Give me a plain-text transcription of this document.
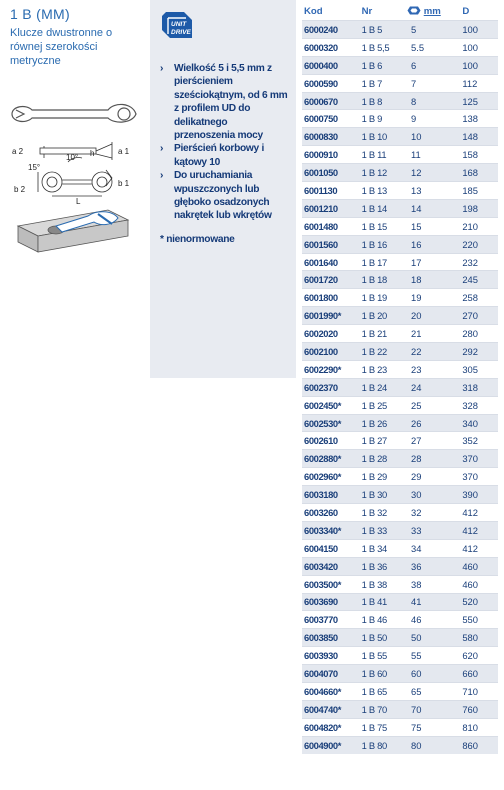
1 B (MM)
Klucze dwustronne o równej szerokości metryczne
a 2	a 1
10° h
15°
b 2
b 1
L
UNIT
DRIVE
› Wielkość 5 i 5,5 mm z pierścieniem sześciokątnym, od 6 mm z profilem UD do delikatnego przenoszenia mocy
› Pierścień korbowy i kątowy 10
› Do uruchamiania wpuszczonych lub głęboko osadzonych nakrętek lub wkrętów
* nienormowane
Kod	Nr	mm	D
6000240	1 B 5	5	100
6000320	1 B 5,5	5.5	100
6000400	1 B 6	6	100
6000590	1 B 7	7	112
6000670	1 B 8	8	125
6000750	1 B 9	9	138
6000830	1 B 10	10	148
6000910	1 B 11	11	158
6001050	1 B 12	12	168
6001130	1 B 13	13	185
6001210	1 B 14	14	198
6001480	1 B 15	15	210
6001560	1 B 16	16	220
6001640	1 B 17	17	232
6001720	1 B 18	18	245
6001800	1 B 19	19	258
6001990*	1 B 20	20	270
6002020	1 B 21	21	280
6002100	1 B 22	22	292
6002290*	1 B 23	23	305
6002370	1 B 24	24	318
6002450*	1 B 25	25	328
6002530*	1 B 26	26	340
6002610	1 B 27	27	352
6002880*	1 B 28	28	370
6002960*	1 B 29	29	370
6003180	1 B 30	30	390
6003260	1 B 32	32	412
6003340*	1 B 33	33	412
6004150	1 B 34	34	412
6003420	1 B 36	36	460
6003500*	1 B 38	38	460
6003690	1 B 41	41	520
6003770	1 B 46	46	550
6003850	1 B 50	50	580
6003930	1 B 55	55	620
6004070	1 B 60	60	660
6004660*	1 B 65	65	710
6004740*	1 B 70	70	760
6004820*	1 B 75	75	810
6004900*	1 B 80	80	860
